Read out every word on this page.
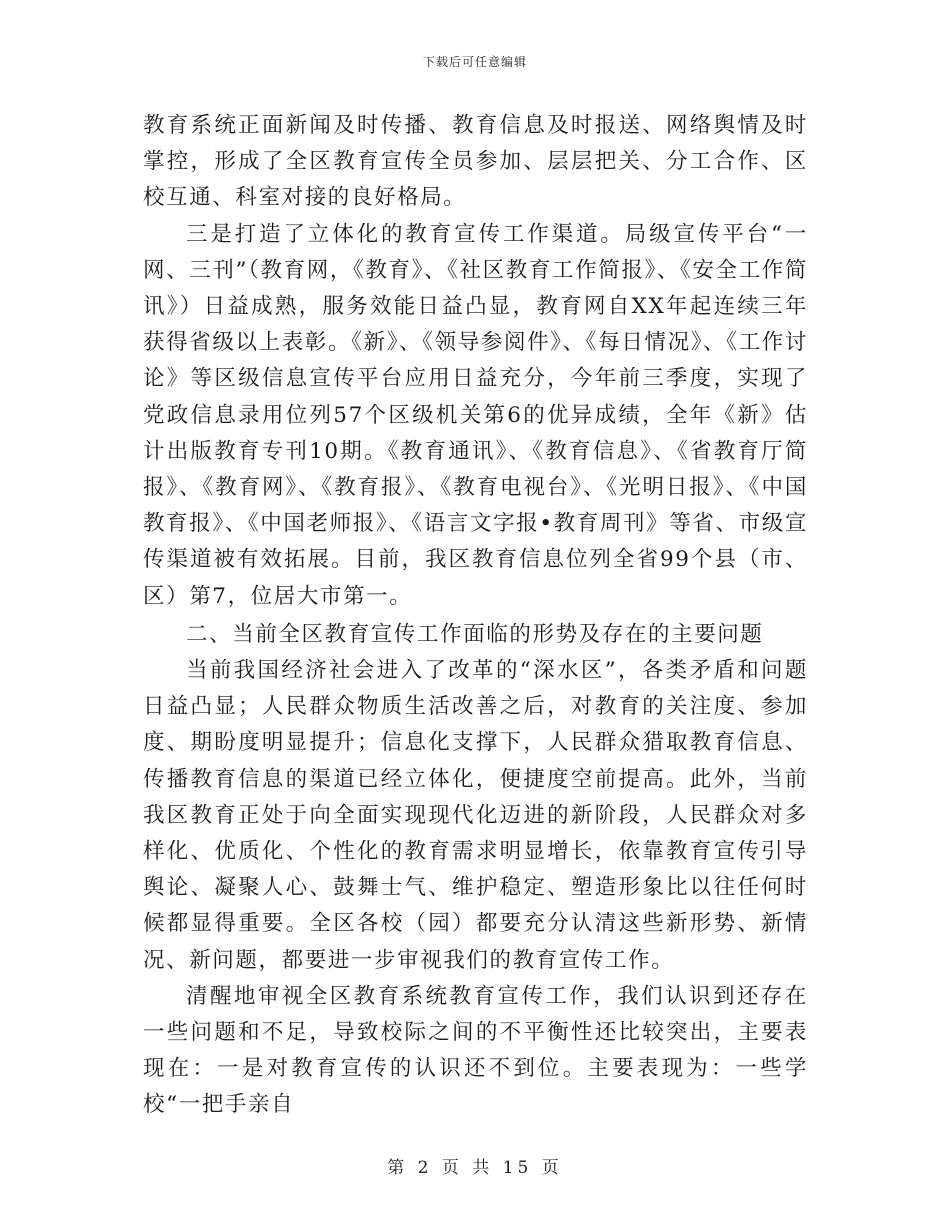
下载后可任意编辑

教育系统正面新闻及时传播、教育信息及时报送、网络舆情及时掌控，形成了全区教育宣传全员参加、层层把关、分工合作、区校互通、科室对接的良好格局。

三是打造了立体化的教育宣传工作渠道。局级宣传平台“一网、三刊”（教育网，《教育》、《社区教育工作简报》、《安全工作简讯》）日益成熟，服务效能日益凸显，教育网自XX年起连续三年获得省级以上表彰。《新》、《领导参阅件》、《每日情况》、《工作讨论》等区级信息宣传平台应用日益充分，今年前三季度，实现了党政信息录用位列57个区级机关第6的优异成绩，全年《新》估计出版教育专刊10期。《教育通讯》、《教育信息》、《省教育厅简报》、《教育网》、《教育报》、《教育电视台》、《光明日报》、《中国教育报》、《中国老师报》、《语言文字报•教育周刊》等省、市级宣传渠道被有效拓展。目前，我区教育信息位列全省99个县（市、区）第7，位居大市第一。

二、当前全区教育宣传工作面临的形势及存在的主要问题

当前我国经济社会进入了改革的“深水区”，各类矛盾和问题日益凸显；人民群众物质生活改善之后，对教育的关注度、参加度、期盼度明显提升；信息化支撑下，人民群众猎取教育信息、传播教育信息的渠道已经立体化，便捷度空前提高。此外，当前我区教育正处于向全面实现现代化迈进的新阶段，人民群众对多样化、优质化、个性化的教育需求明显增长，依靠教育宣传引导舆论、凝聚人心、鼓舞士气、维护稳定、塑造形象比以往任何时候都显得重要。全区各校（园）都要充分认清这些新形势、新情况、新问题，都要进一步审视我们的教育宣传工作。

清醒地审视全区教育系统教育宣传工作，我们认识到还存在一些问题和不足，导致校际之间的不平衡性还比较突出，主要表现在：一是对教育宣传的认识还不到位。主要表现为：一些学校“一把手亲自

第 2 页 共 15 页
